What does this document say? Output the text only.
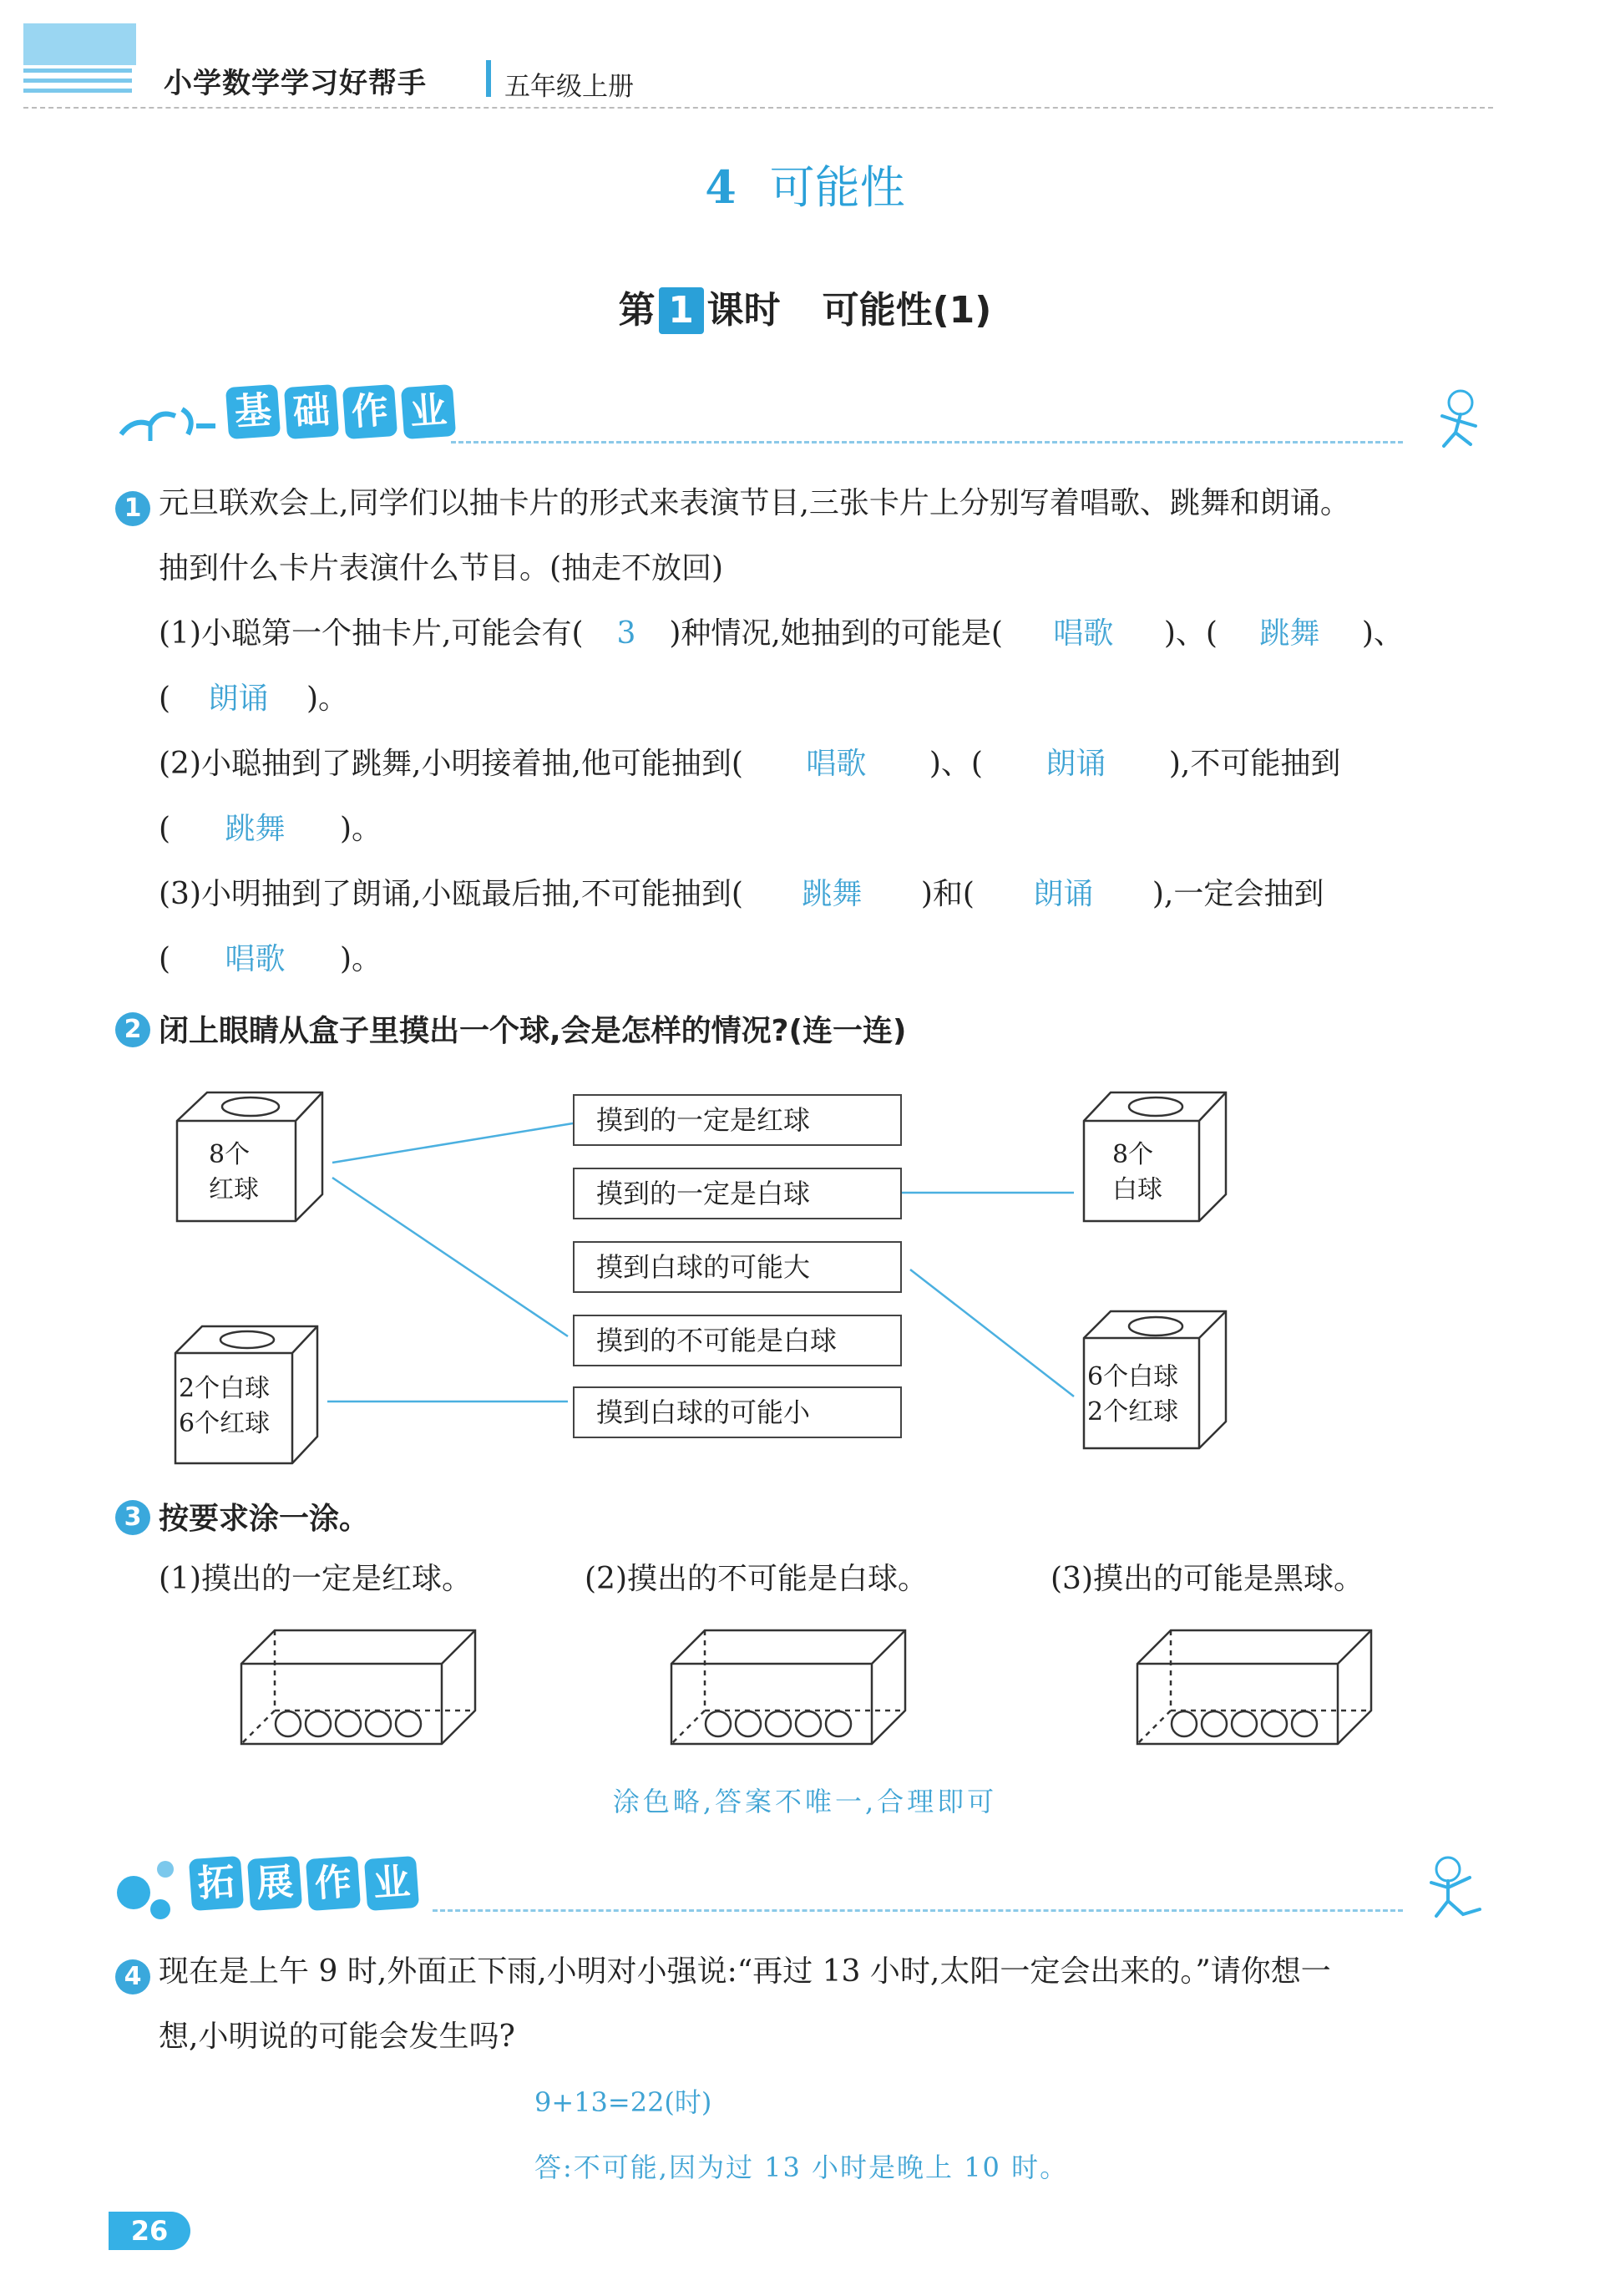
小学数学学习好帮手	五年级上册
4 可能性
第 1 课时 可能性(1)
基 础 作 业
1 元旦联欢会上,同学们以抽卡片的形式来表演节目,三张卡片上分别写着唱歌、跳舞和朗诵。
抽到什么卡片表演什么节目。(抽走不放回)
(1)小聪第一个抽卡片,可能会有( 3 )种情况,她抽到的可能是( 唱歌 )、( 跳舞 )、
( 朗诵 )。
(2)小聪抽到了跳舞,小明接着抽,他可能抽到( 唱歌 )、( 朗诵 ),不可能抽到
( 跳舞 )。
(3)小明抽到了朗诵,小瓯最后抽,不可能抽到( 跳舞 )和( 朗诵 ),一定会抽到
( 唱歌 )。
2 闭上眼睛从盒子里摸出一个球,会是怎样的情况?(连一连)
8个
红球
2个白球
6个红球
8个
白球
6个白球
2个红球
摸到的一定是红球
摸到的一定是白球
摸到白球的可能大
摸到的不可能是白球
摸到白球的可能小
3 按要求涂一涂。
(1)摸出的一定是红球。	(2)摸出的不可能是白球。	(3)摸出的可能是黑球。
涂色略,答案不唯一,合理即可
拓 展 作 业
4 现在是上午 9 时,外面正下雨,小明对小强说:“再过 13 小时,太阳一定会出来的。”请你想一
想,小明说的可能会发生吗?
9+13=22(时)
答:不可能,因为过 13 小时是晚上 10 时。
26
